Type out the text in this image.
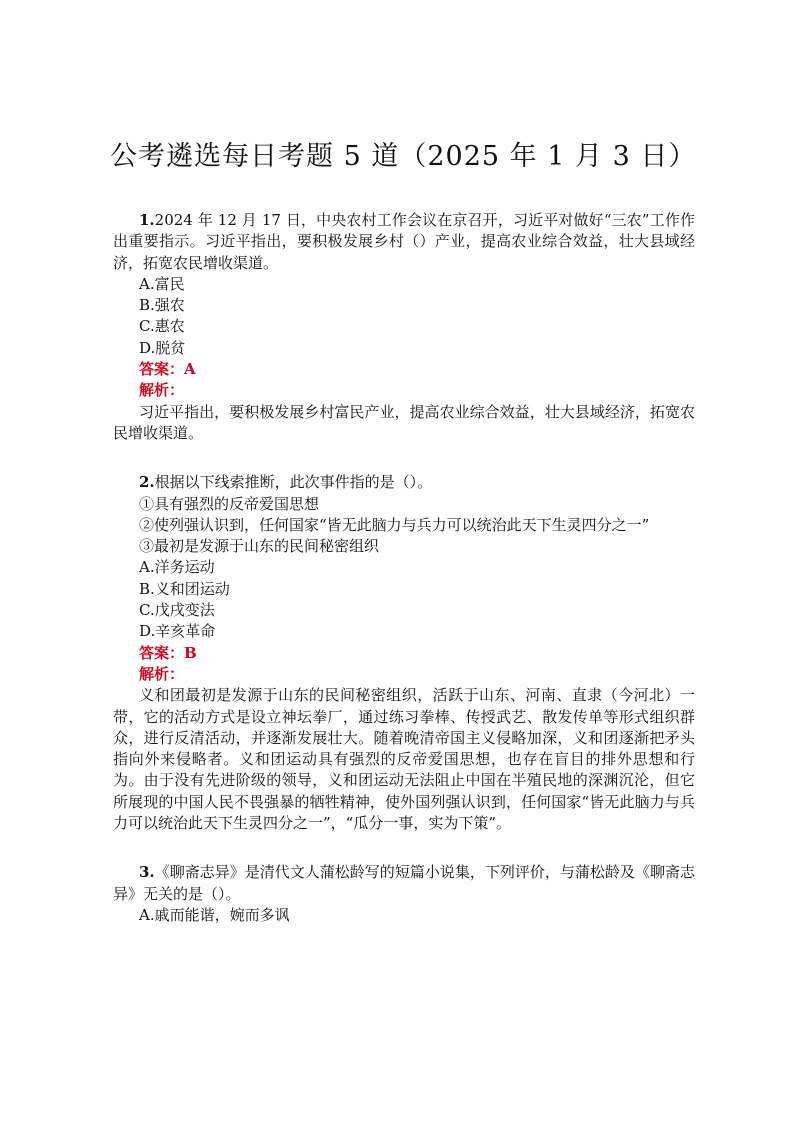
公考遴选每日考题 5 道（2025 年 1 月 3 日）

1.2024 年 12 月 17 日，中央农村工作会议在京召开，习近平对做好“三农”工作作出重要指示。习近平指出，要积极发展乡村（）产业，提高农业综合效益，壮大县域经济，拓宽农民增收渠道。

A.富民

B.强农

C.惠农

D.脱贫

答案：A

解析：

习近平指出，要积极发展乡村富民产业，提高农业综合效益，壮大县域经济，拓宽农民增收渠道。

2.根据以下线索推断，此次事件指的是（）。

①具有强烈的反帝爱国思想

②使列强认识到，任何国家“皆无此脑力与兵力可以统治此天下生灵四分之一”

③最初是发源于山东的民间秘密组织

A.洋务运动

B.义和团运动

C.戊戌变法

D.辛亥革命

答案：B

解析：

义和团最初是发源于山东的民间秘密组织，活跃于山东、河南、直隶（今河北）一带，它的活动方式是设立神坛拳厂，通过练习拳棒、传授武艺、散发传单等形式组织群众，进行反清活动，并逐渐发展壮大。随着晚清帝国主义侵略加深，义和团逐渐把矛头指向外来侵略者。义和团运动具有强烈的反帝爱国思想，也存在盲目的排外思想和行为。由于没有先进阶级的领导，义和团运动无法阻止中国在半殖民地的深渊沉沦，但它所展现的中国人民不畏强暴的牺牲精神，使外国列强认识到，任何国家“皆无此脑力与兵力可以统治此天下生灵四分之一”，“瓜分一事，实为下策”。

3.《聊斋志异》是清代文人蒲松龄写的短篇小说集，下列评价，与蒲松龄及《聊斋志异》无关的是（）。

A.戚而能谐，婉而多讽
